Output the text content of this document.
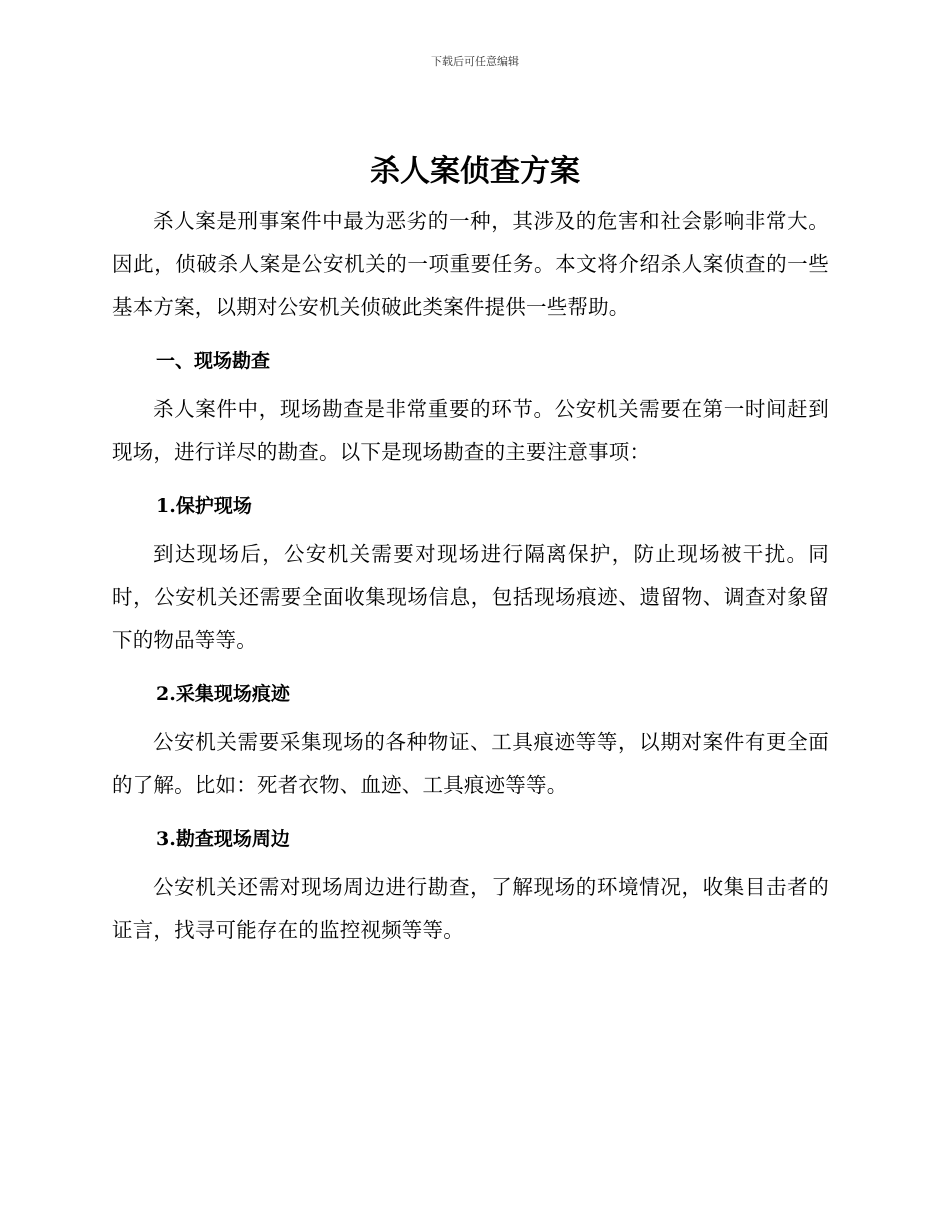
下载后可任意编辑
杀人案侦查方案

杀人案是刑事案件中最为恶劣的一种，其涉及的危害和社会影响非常大。因此，侦破杀人案是公安机关的一项重要任务。本文将介绍杀人案侦查的一些基本方案，以期对公安机关侦破此类案件提供一些帮助。

一、现场勘查

杀人案件中，现场勘查是非常重要的环节。公安机关需要在第一时间赶到现场，进行详尽的勘查。以下是现场勘查的主要注意事项：

1.保护现场

到达现场后，公安机关需要对现场进行隔离保护，防止现场被干扰。同时，公安机关还需要全面收集现场信息，包括现场痕迹、遗留物、调查对象留下的物品等等。

2.采集现场痕迹

公安机关需要采集现场的各种物证、工具痕迹等等，以期对案件有更全面的了解。比如：死者衣物、血迹、工具痕迹等等。

3.勘查现场周边

公安机关还需对现场周边进行勘查，了解现场的环境情况，收集目击者的证言，找寻可能存在的监控视频等等。
